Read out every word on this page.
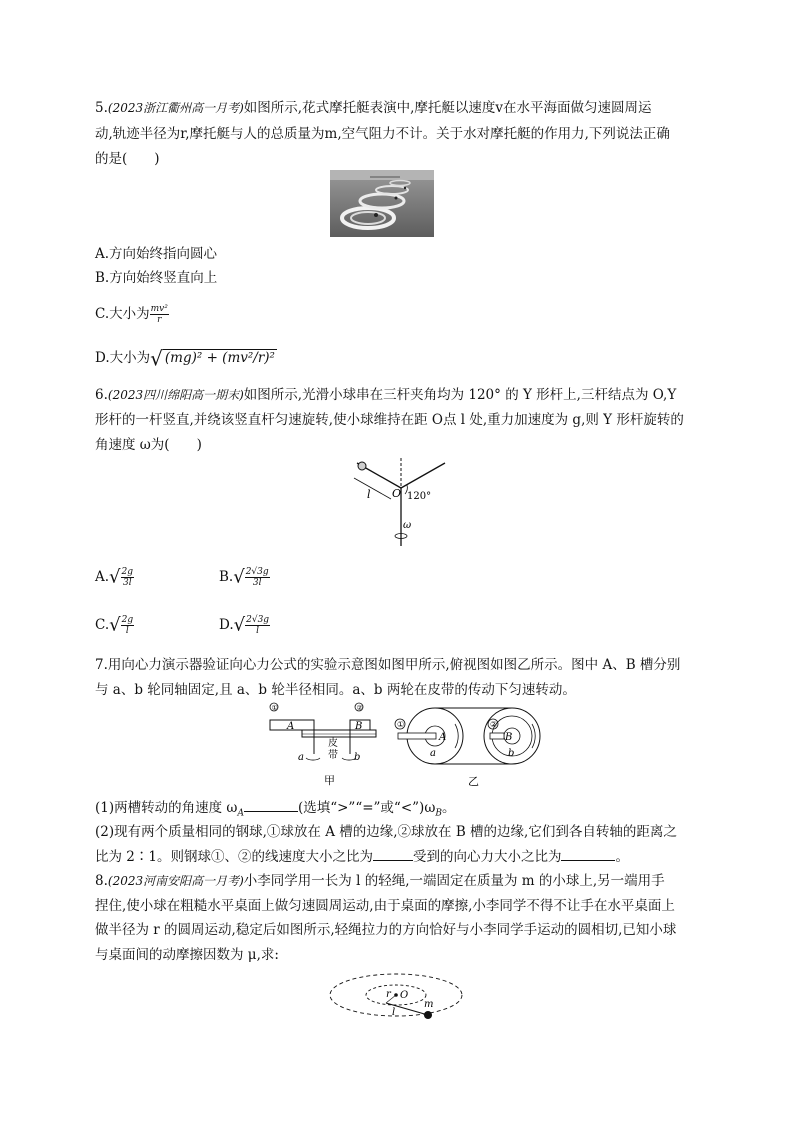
5.(2023浙江衢州高一月考)如图所示,花式摩托艇表演中,摩托艇以速度v在水平海面做匀速圆周运
动,轨迹半径为r,摩托艇与人的总质量为m,空气阻力不计。关于水对摩托艇的作用力,下列说法正确
的是(　　)
A.方向始终指向圆心
B.方向始终竖直向上
C.大小为 $\frac{\text{mv²}}{r}$
D.大小为√ (mg)² + (mv²/r)²
6.(2023四川绵阳高一期末)如图所示,光滑小球串在三杆夹角均为 120° 的 Y 形杆上,三杆结点为 O,Y
形杆的一杆竖直,并绕该竖直杆匀速旋转,使小球维持在距 O点 l 处,重力加速度为 g,则 Y 形杆旋转的
角速度 ω为(　　)
l O 120°
ω
$A.√ \frac{2g}{3l}$	$B.√ \frac{2√3g}{3l}$
$C.√ \frac{2g}{l}$	$D.√ \frac{2√3g}{l}$
7.用向心力演示器验证向心力公式的实验示意图如图甲所示,俯视图如图乙所示。图中 A、B 槽分别
与 a、b 轮同轴固定,且 a、b 轮半径相同。a、b 两轮在皮带的传动下匀速转动。
①	②
A	B
皮
带
a	b
甲
①	②
A	B
a	b
乙
(1)两槽转动的角速度 $\omega_A$	(选填“>”“=”或“$<”)\omega_B$。
(2)现有两个质量相同的钢球,①球放在 A 槽的边缘,②球放在 B 槽的边缘,它们到各自转轴的距离之
比为 2∶1。则钢球①、②的线速度大小之比为	受到的向心力大小之比为	。
8.(2023河南安阳高一月考)小李同学用一长为 l 的轻绳,一端固定在质量为 m 的小球上,另一端用手
捏住,使小球在粗糙水平桌面上做匀速圆周运动,由于桌面的摩擦,小李同学不得不让手在水平桌面上
做半径为 r 的圆周运动,稳定后如图所示,轻绳拉力的方向恰好与小李同学手运动的圆相切,已知小球
与桌面间的动摩擦因数为 μ,求:
r O
l
m
